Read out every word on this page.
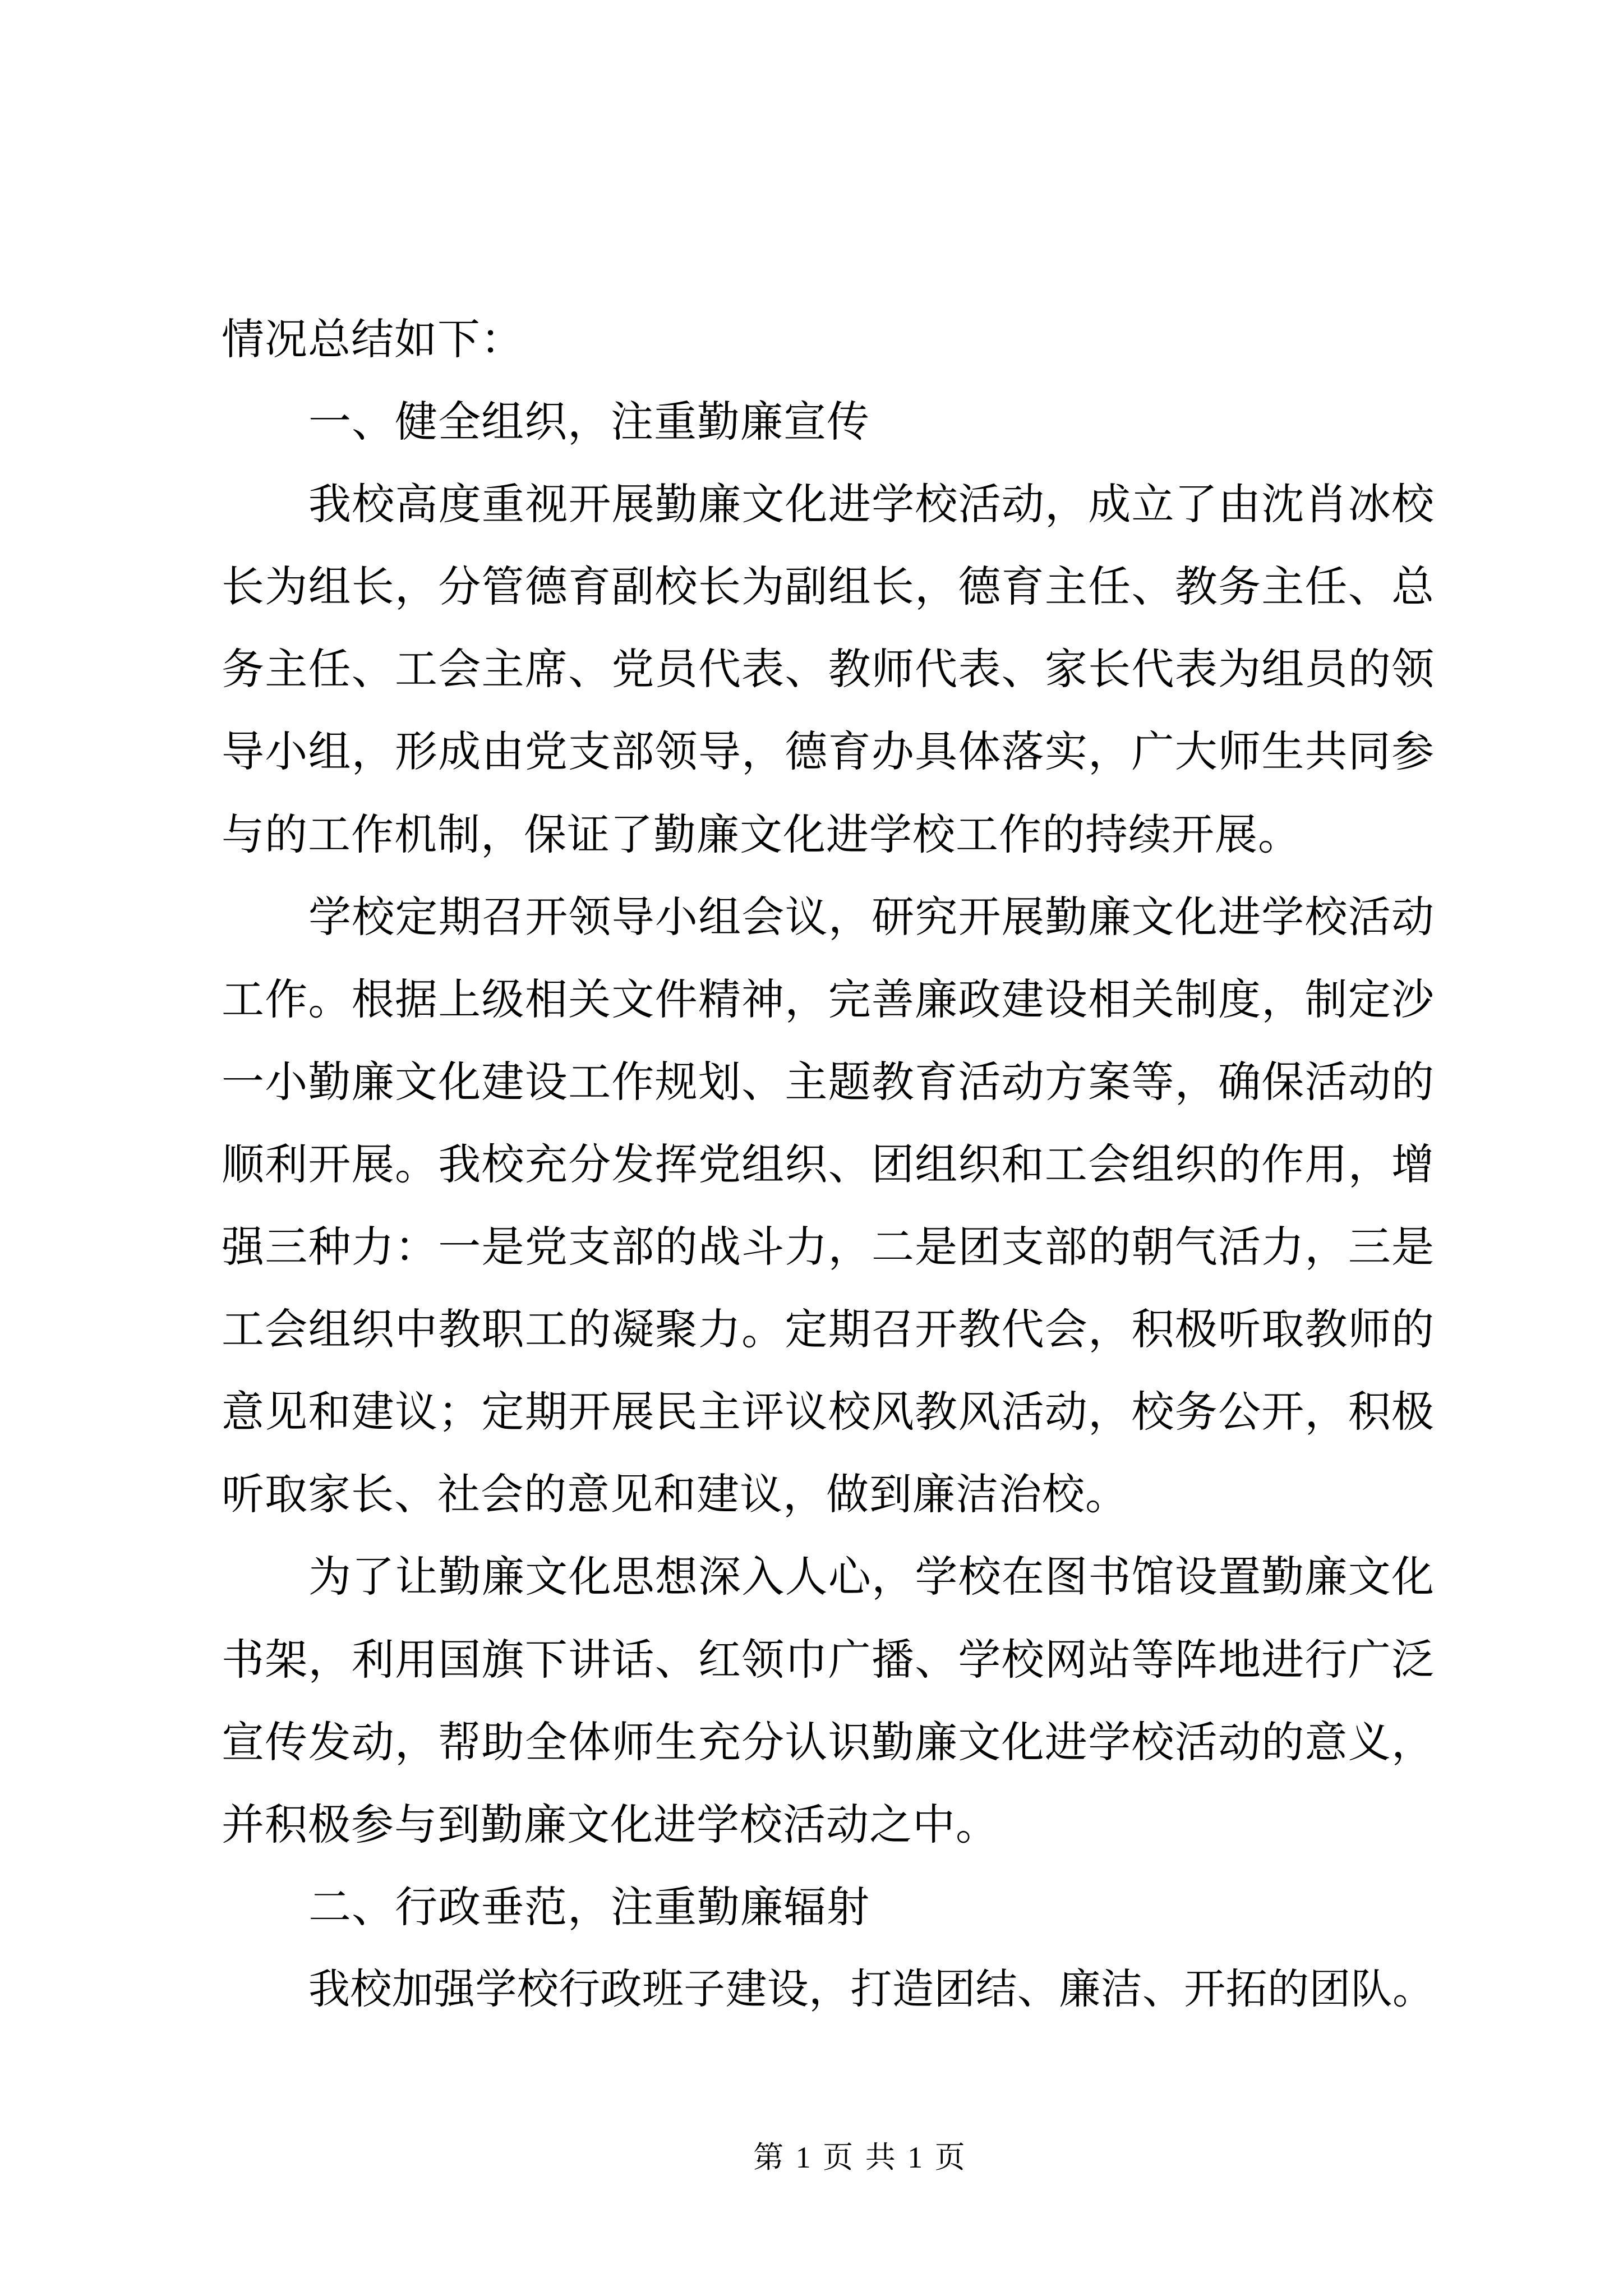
情况总结如下：
一、健全组织，注重勤廉宣传
我校高度重视开展勤廉文化进学校活动，成立了由沈肖冰校
长为组长，分管德育副校长为副组长，德育主任、教务主任、总
务主任、工会主席、党员代表、教师代表、家长代表为组员的领
导小组，形成由党支部领导，德育办具体落实，广大师生共同参
与的工作机制，保证了勤廉文化进学校工作的持续开展。
学校定期召开领导小组会议，研究开展勤廉文化进学校活动
工作。根据上级相关文件精神，完善廉政建设相关制度，制定沙
一小勤廉文化建设工作规划、主题教育活动方案等，确保活动的
顺利开展。我校充分发挥党组织、团组织和工会组织的作用，增
强三种力：一是党支部的战斗力，二是团支部的朝气活力，三是
工会组织中教职工的凝聚力。定期召开教代会，积极听取教师的
意见和建议；定期开展民主评议校风教风活动，校务公开，积极
听取家长、社会的意见和建议，做到廉洁治校。
为了让勤廉文化思想深入人心，学校在图书馆设置勤廉文化
书架，利用国旗下讲话、红领巾广播、学校网站等阵地进行广泛
宣传发动，帮助全体师生充分认识勤廉文化进学校活动的意义，
并积极参与到勤廉文化进学校活动之中。
二、行政垂范，注重勤廉辐射
我校加强学校行政班子建设，打造团结、廉洁、开拓的团队。
第 1 页 共 1 页
